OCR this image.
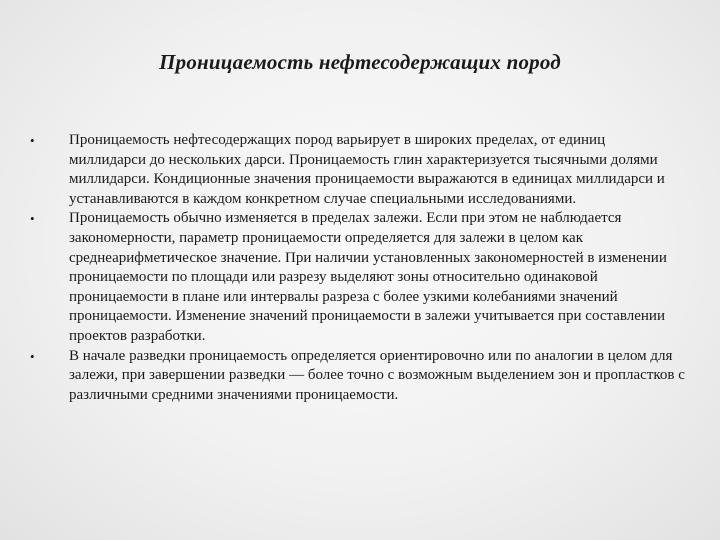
Проницаемость нефтесодержащих пород
•	Проницаемость нефтесодержащих пород варьирует в широких пределах, от единиц миллидарси до нескольких дарси. Проницаемость глин характеризуется тысячными долями миллидарси. Кондиционные значения проницаемости выражаются в единицах миллидарси и устанавливаются в каждом конкретном случае специальными исследованиями.
•	Проницаемость обычно изменяется в пределах залежи. Если при этом не наблюдается закономерности, параметр проницаемости определяется для залежи в целом как среднеарифметическое значение. При наличии установленных закономерностей в изменении проницаемости по площади или разрезу выделяют зоны относительно одинаковой проницаемости в плане или интервалы разреза с более узкими колебаниями значений проницаемости. Изменение значений проницаемости в залежи учитывается при составлении проектов разработки.
•	В начале разведки проницаемость определяется ориентировочно или по аналогии в целом для залежи, при завершении разведки — более точно с возможным выделением зон и пропластков с различными средними значениями проницаемости.
